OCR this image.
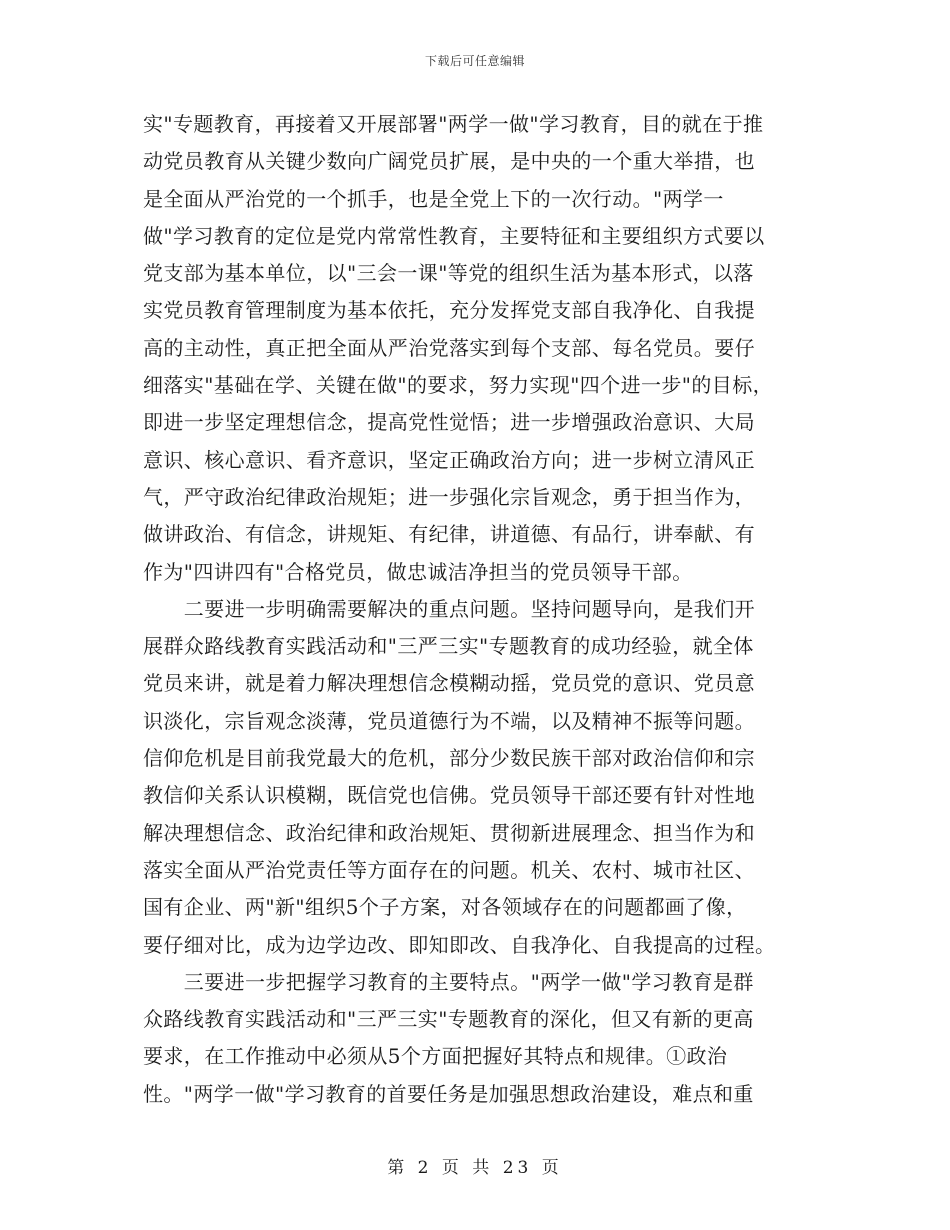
下载后可任意编辑
实"专题教育，再接着又开展部署"两学一做"学习教育，目的就在于推
动党员教育从关键少数向广阔党员扩展，是中央的一个重大举措，也
是全面从严治党的一个抓手，也是全党上下的一次行动。"两学一
做"学习教育的定位是党内常常性教育，主要特征和主要组织方式要以
党支部为基本单位，以"三会一课"等党的组织生活为基本形式，以落
实党员教育管理制度为基本依托，充分发挥党支部自我净化、自我提
高的主动性，真正把全面从严治党落实到每个支部、每名党员。要仔
细落实"基础在学、关键在做"的要求，努力实现"四个进一步"的目标，
即进一步坚定理想信念，提高党性觉悟；进一步增强政治意识、大局
意识、核心意识、看齐意识，坚定正确政治方向；进一步树立清风正
气，严守政治纪律政治规矩；进一步强化宗旨观念，勇于担当作为，
做讲政治、有信念，讲规矩、有纪律，讲道德、有品行，讲奉献、有
作为"四讲四有"合格党员，做忠诚洁净担当的党员领导干部。
　　二要进一步明确需要解决的重点问题。坚持问题导向，是我们开
展群众路线教育实践活动和"三严三实"专题教育的成功经验，就全体
党员来讲，就是着力解决理想信念模糊动摇，党员党的意识、党员意
识淡化，宗旨观念淡薄，党员道德行为不端，以及精神不振等问题。
信仰危机是目前我党最大的危机，部分少数民族干部对政治信仰和宗
教信仰关系认识模糊，既信党也信佛。党员领导干部还要有针对性地
解决理想信念、政治纪律和政治规矩、贯彻新进展理念、担当作为和
落实全面从严治党责任等方面存在的问题。机关、农村、城市社区、
国有企业、两"新"组织5个子方案，对各领域存在的问题都画了像，
要仔细对比，成为边学边改、即知即改、自我净化、自我提高的过程。
　　三要进一步把握学习教育的主要特点。"两学一做"学习教育是群
众路线教育实践活动和"三严三实"专题教育的深化，但又有新的更高
要求，在工作推动中必须从5个方面把握好其特点和规律。①政治
性。"两学一做"学习教育的首要任务是加强思想政治建设，难点和重
第 2 页 共 23 页
